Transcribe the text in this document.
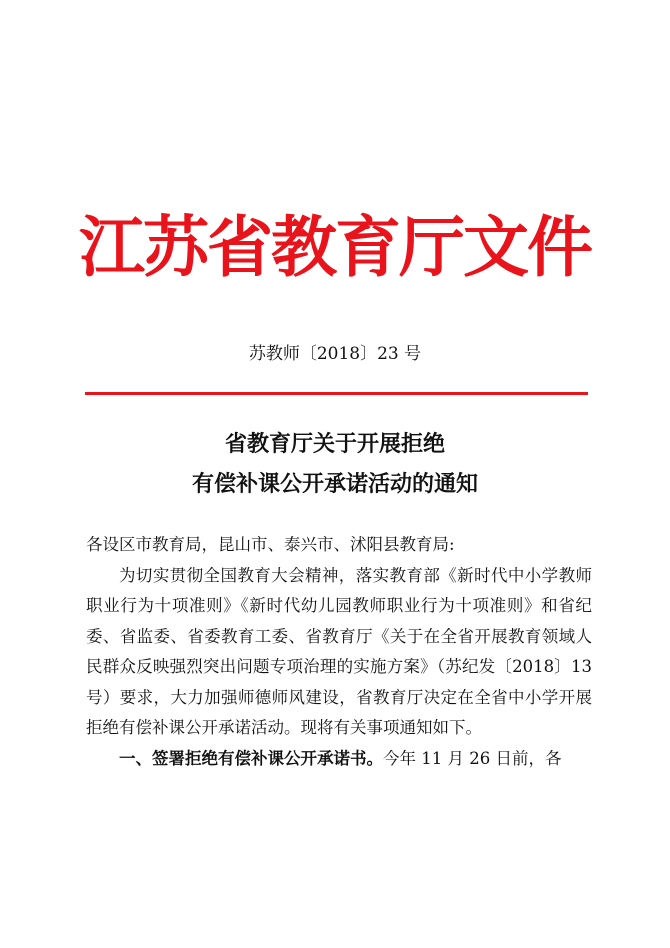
江苏省教育厅文件
苏教师〔2018〕23 号
省教育厅关于开展拒绝
有偿补课公开承诺活动的通知

各设区市教育局，昆山市、泰兴市、沭阳县教育局:

为切实贯彻全国教育大会精神，落实教育部《新时代中小学教师职业行为十项准则》《新时代幼儿园教师职业行为十项准则》和省纪委、省监委、省委教育工委、省教育厅《关于在全省开展教育领域人民群众反映强烈突出问题专项治理的实施方案》（苏纪发〔2018〕13 号）要求，大力加强师德师风建设，省教育厅决定在全省中小学开展拒绝有偿补课公开承诺活动。现将有关事项通知如下。

一、签署拒绝有偿补课公开承诺书。今年 11 月 26 日前，各
